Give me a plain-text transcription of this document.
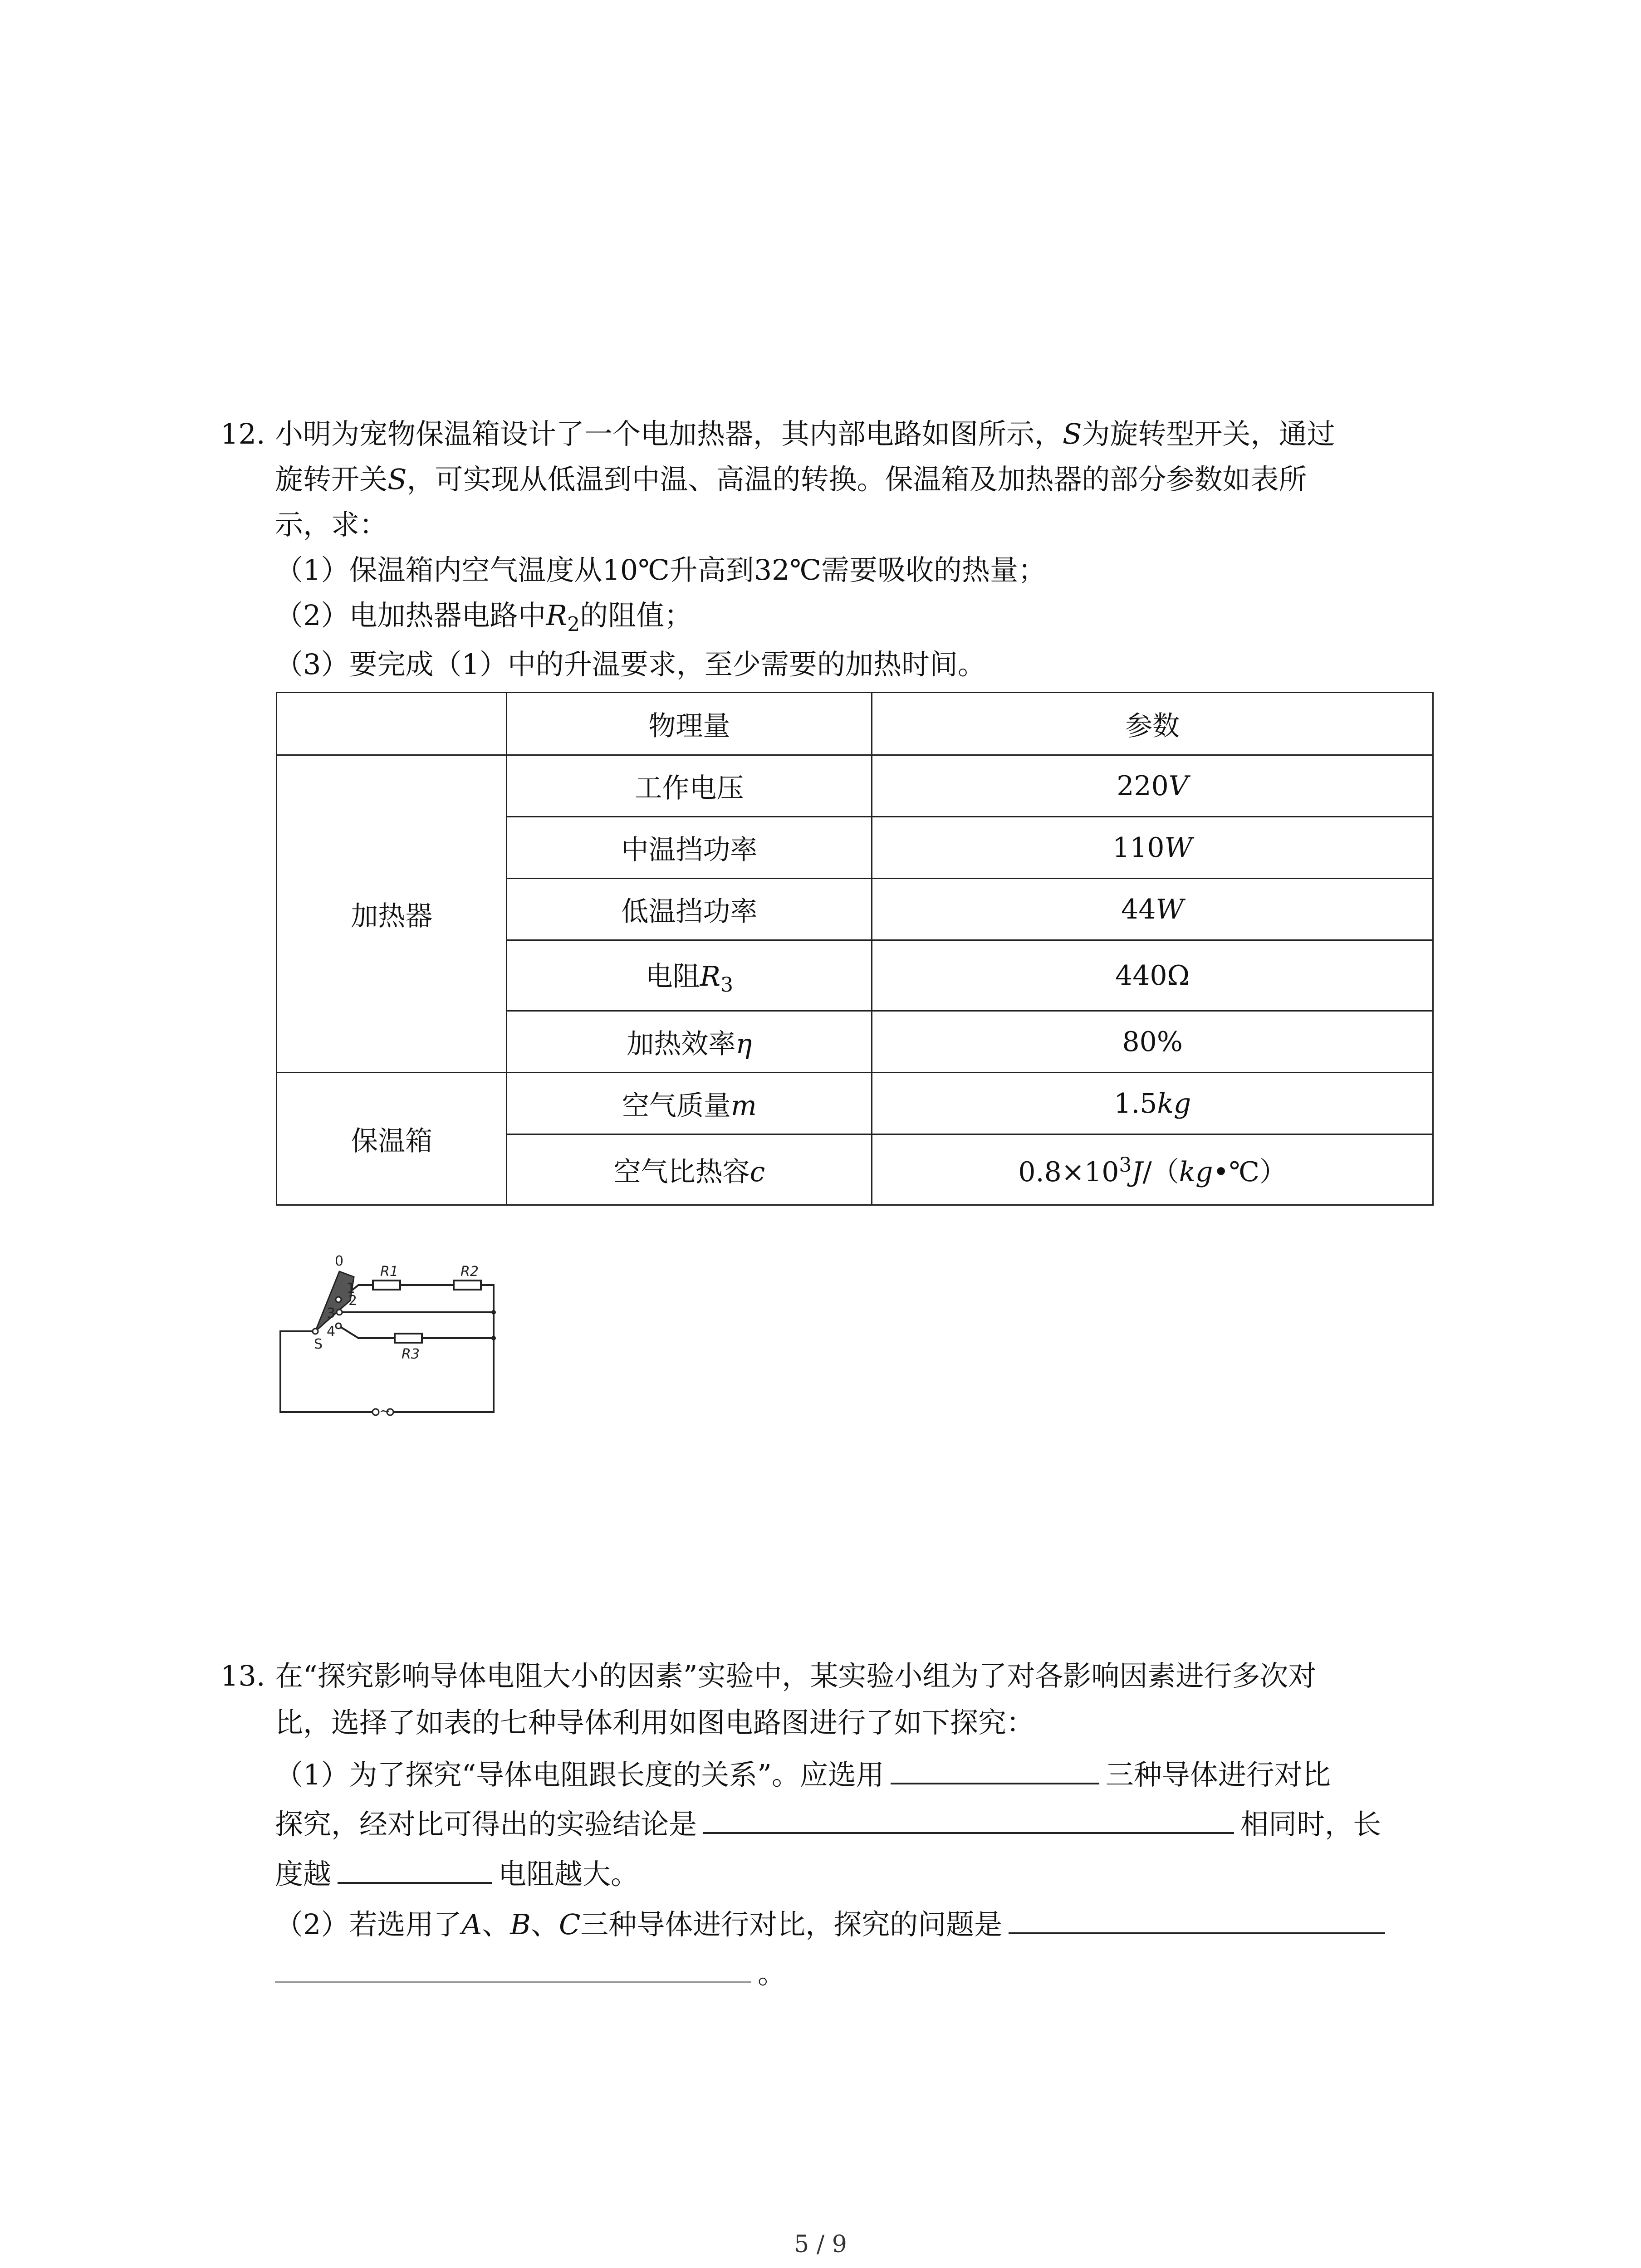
12. 小明为宠物保温箱设计了一个电加热器，其内部电路如图所示，S为旋转型开关，通过
旋转开关S，可实现从低温到中温、高温的转换。保温箱及加热器的部分参数如表所
示，求：
（1）保温箱内空气温度从10℃升高到32℃需要吸收的热量；
（2）电加热器电路中$R_2$的阻值；
（3）要完成（1）中的升温要求，至少需要的加热时间。
	物理量	参数
加热器	工作电压	220V
	中温挡功率	110W
	低温挡功率	44W
	电阻$R_3$	440Ω
	加热效率η	80%
保温箱	空气质量m	1.5kg
	空气比热容c	$0.8\times 10^3J/(kg•℃)$
0
1
2
3
4
S
R1	R2
R3
~
13. 在“探究影响导体电阻大小的因素”实验中，某实验小组为了对各影响因素进行多次对
比，选择了如表的七种导体利用如图电路图进行了如下探究：
（1）为了探究“导体电阻跟长度的关系”。应选用	三种导体进行对比
探究，经对比可得出的实验结论是	相同时，长
度越	电阻越大。
（2）若选用了A、B、C三种导体进行对比，探究的问题是
。
5 / 9
